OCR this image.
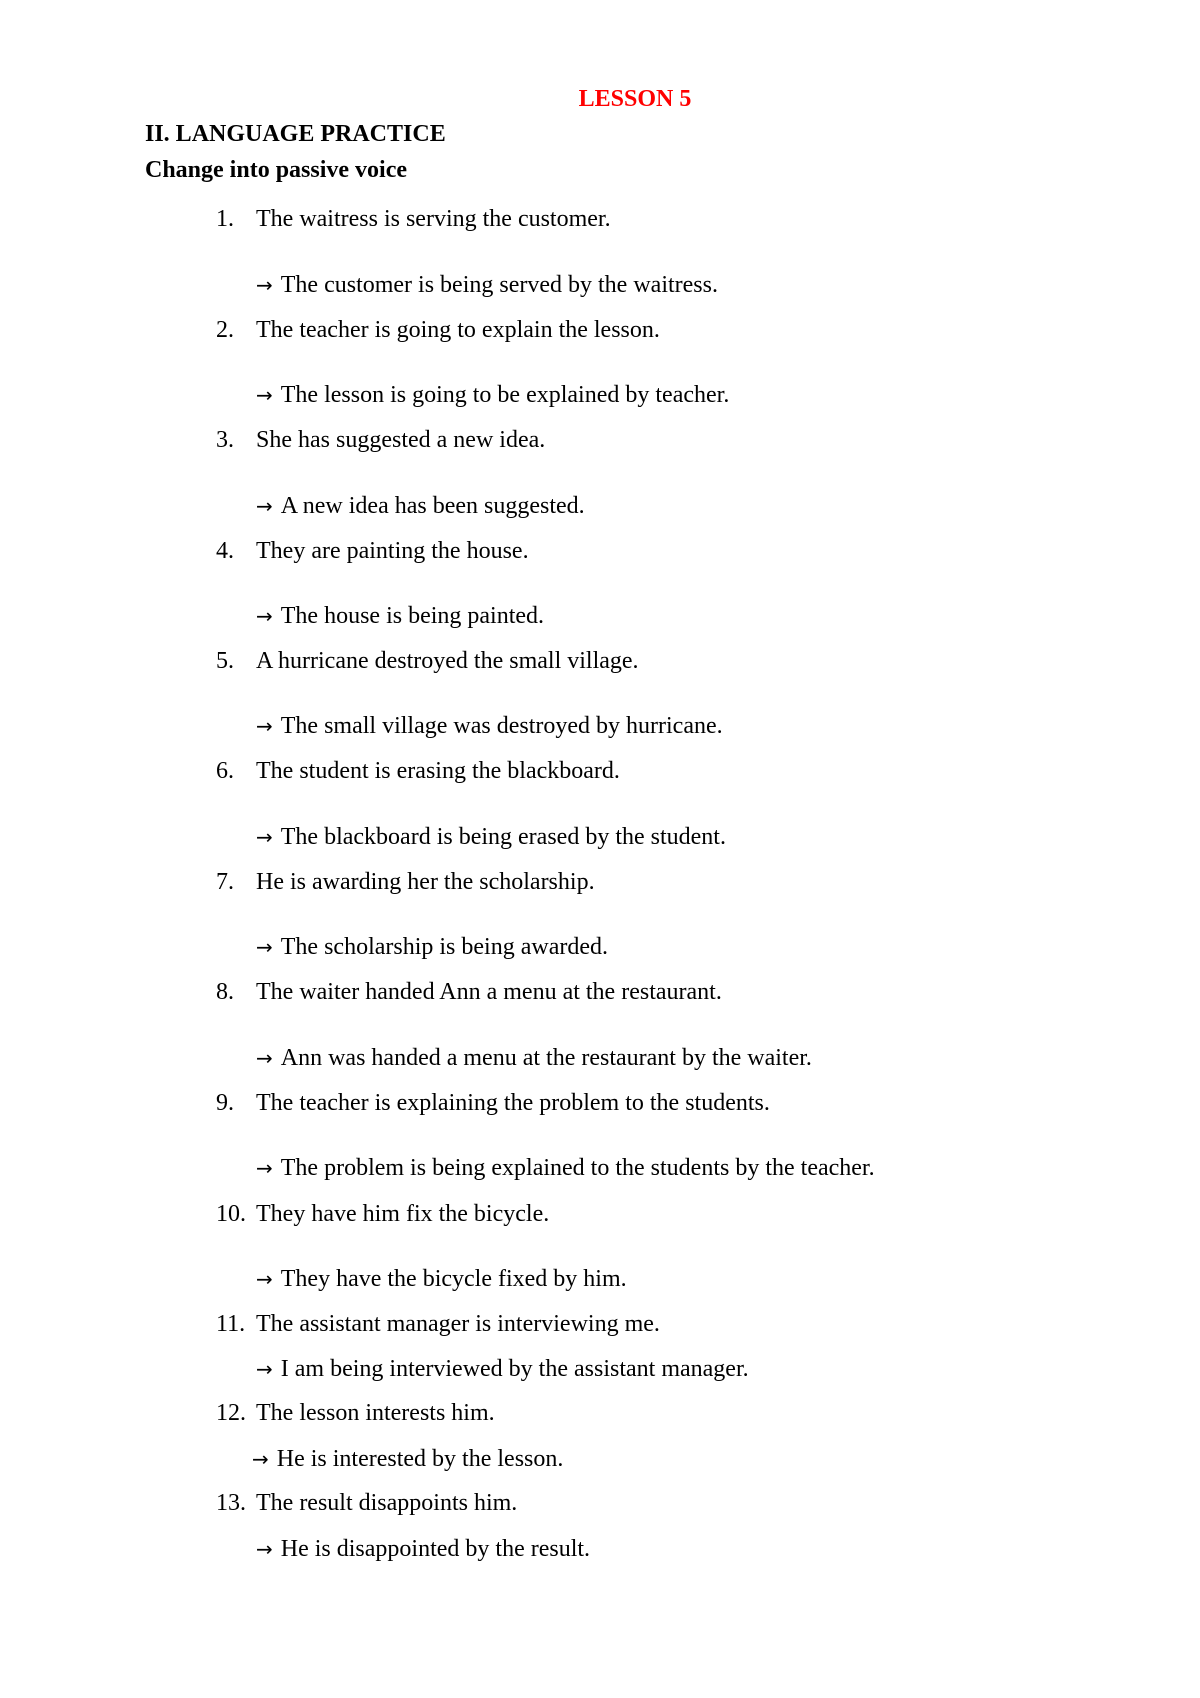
LESSON 5
II. LANGUAGE PRACTICE
Change into passive voice
1. The waitress is serving the customer.
→ The customer is being served by the waitress.
2. The teacher is going to explain the lesson.
→ The lesson is going to be explained by teacher.
3. She has suggested a new idea.
→ A new idea has been suggested.
4. They are painting the house.
→ The house is being painted.
5. A hurricane destroyed the small village.
→ The small village was destroyed by hurricane.
6. The student is erasing the blackboard.
→ The blackboard is being erased by the student.
7. He is awarding her the scholarship.
→ The scholarship is being awarded.
8. The waiter handed Ann a menu at the restaurant.
→ Ann was handed a menu at the restaurant by the waiter.
9. The teacher is explaining the problem to the students.
→ The problem is being explained to the students by the teacher.
10. They have him fix the bicycle.
→ They have the bicycle fixed by him.
11. The assistant manager is interviewing me.
→ I am being interviewed by the assistant manager.
12. The lesson interests him.
→ He is interested by the lesson.
13. The result disappoints him.
→ He is disappointed by the result.
